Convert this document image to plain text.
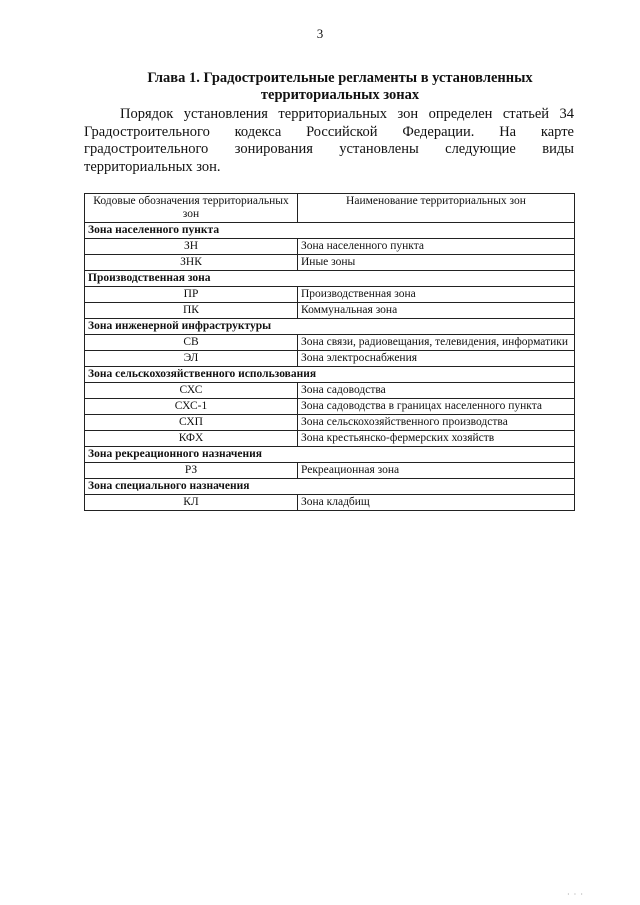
3
Глава 1. Градостроительные регламенты в установленных территориальных зонах
Порядок установления территориальных зон определен статьей 34 Градостроительного кодекса Российской Федерации. На карте градостроительного зонирования установлены следующие виды территориальных зон.
Кодовые обозначения территориальных зон	Наименование территориальных зон
Зона населенного пункта	
ЗН	Зона населенного пункта
ЗНК	Иные зоны
Производственная зона	
ПР	Производственная зона
ПК	Коммунальная зона
Зона инженерной инфраструктуры	
СВ	Зона связи, радиовещания, телевидения, информатики
ЭЛ	Зона электроснабжения
Зона сельскохозяйственного использования	
СХС	Зона садоводства
СХС-1	Зона садоводства в границах населенного пункта
СХП	Зона сельскохозяйственного производства
КФХ	Зона крестьянско-фермерских хозяйств
Зона рекреационного назначения	
РЗ	Рекреационная зона
Зона специального назначения	
КЛ	Зона кладбищ
· · ·
